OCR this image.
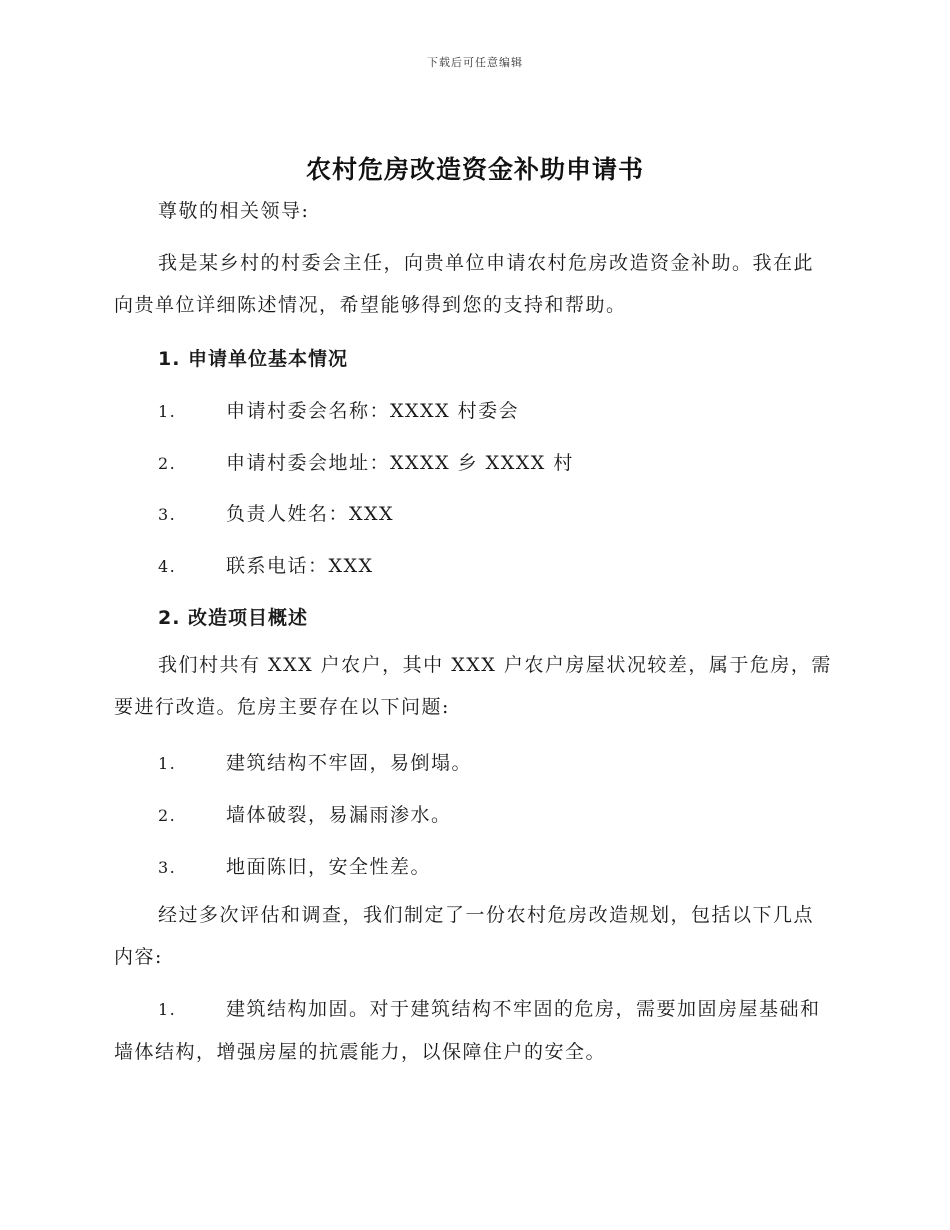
下载后可任意编辑
农村危房改造资金补助申请书

尊敬的相关领导:

我是某乡村的村委会主任，向贵单位申请农村危房改造资金补助。我在此向贵单位详细陈述情况，希望能够得到您的支持和帮助。

1. 申请单位基本情况
1.	申请村委会名称：XXXX 村委会
2.	申请村委会地址：XXXX 乡 XXXX 村
3.	负责人姓名：XXX
4.	联系电话：XXX
2. 改造项目概述

我们村共有 XXX 户农户，其中 XXX 户农户房屋状况较差，属于危房，需要进行改造。危房主要存在以下问题:

1.	建筑结构不牢固，易倒塌。
2.	墙体破裂，易漏雨渗水。
3.	地面陈旧，安全性差。

经过多次评估和调查，我们制定了一份农村危房改造规划，包括以下几点内容:

1.	建筑结构加固。对于建筑结构不牢固的危房，需要加固房屋基础和墙体结构，增强房屋的抗震能力，以保障住户的安全。
